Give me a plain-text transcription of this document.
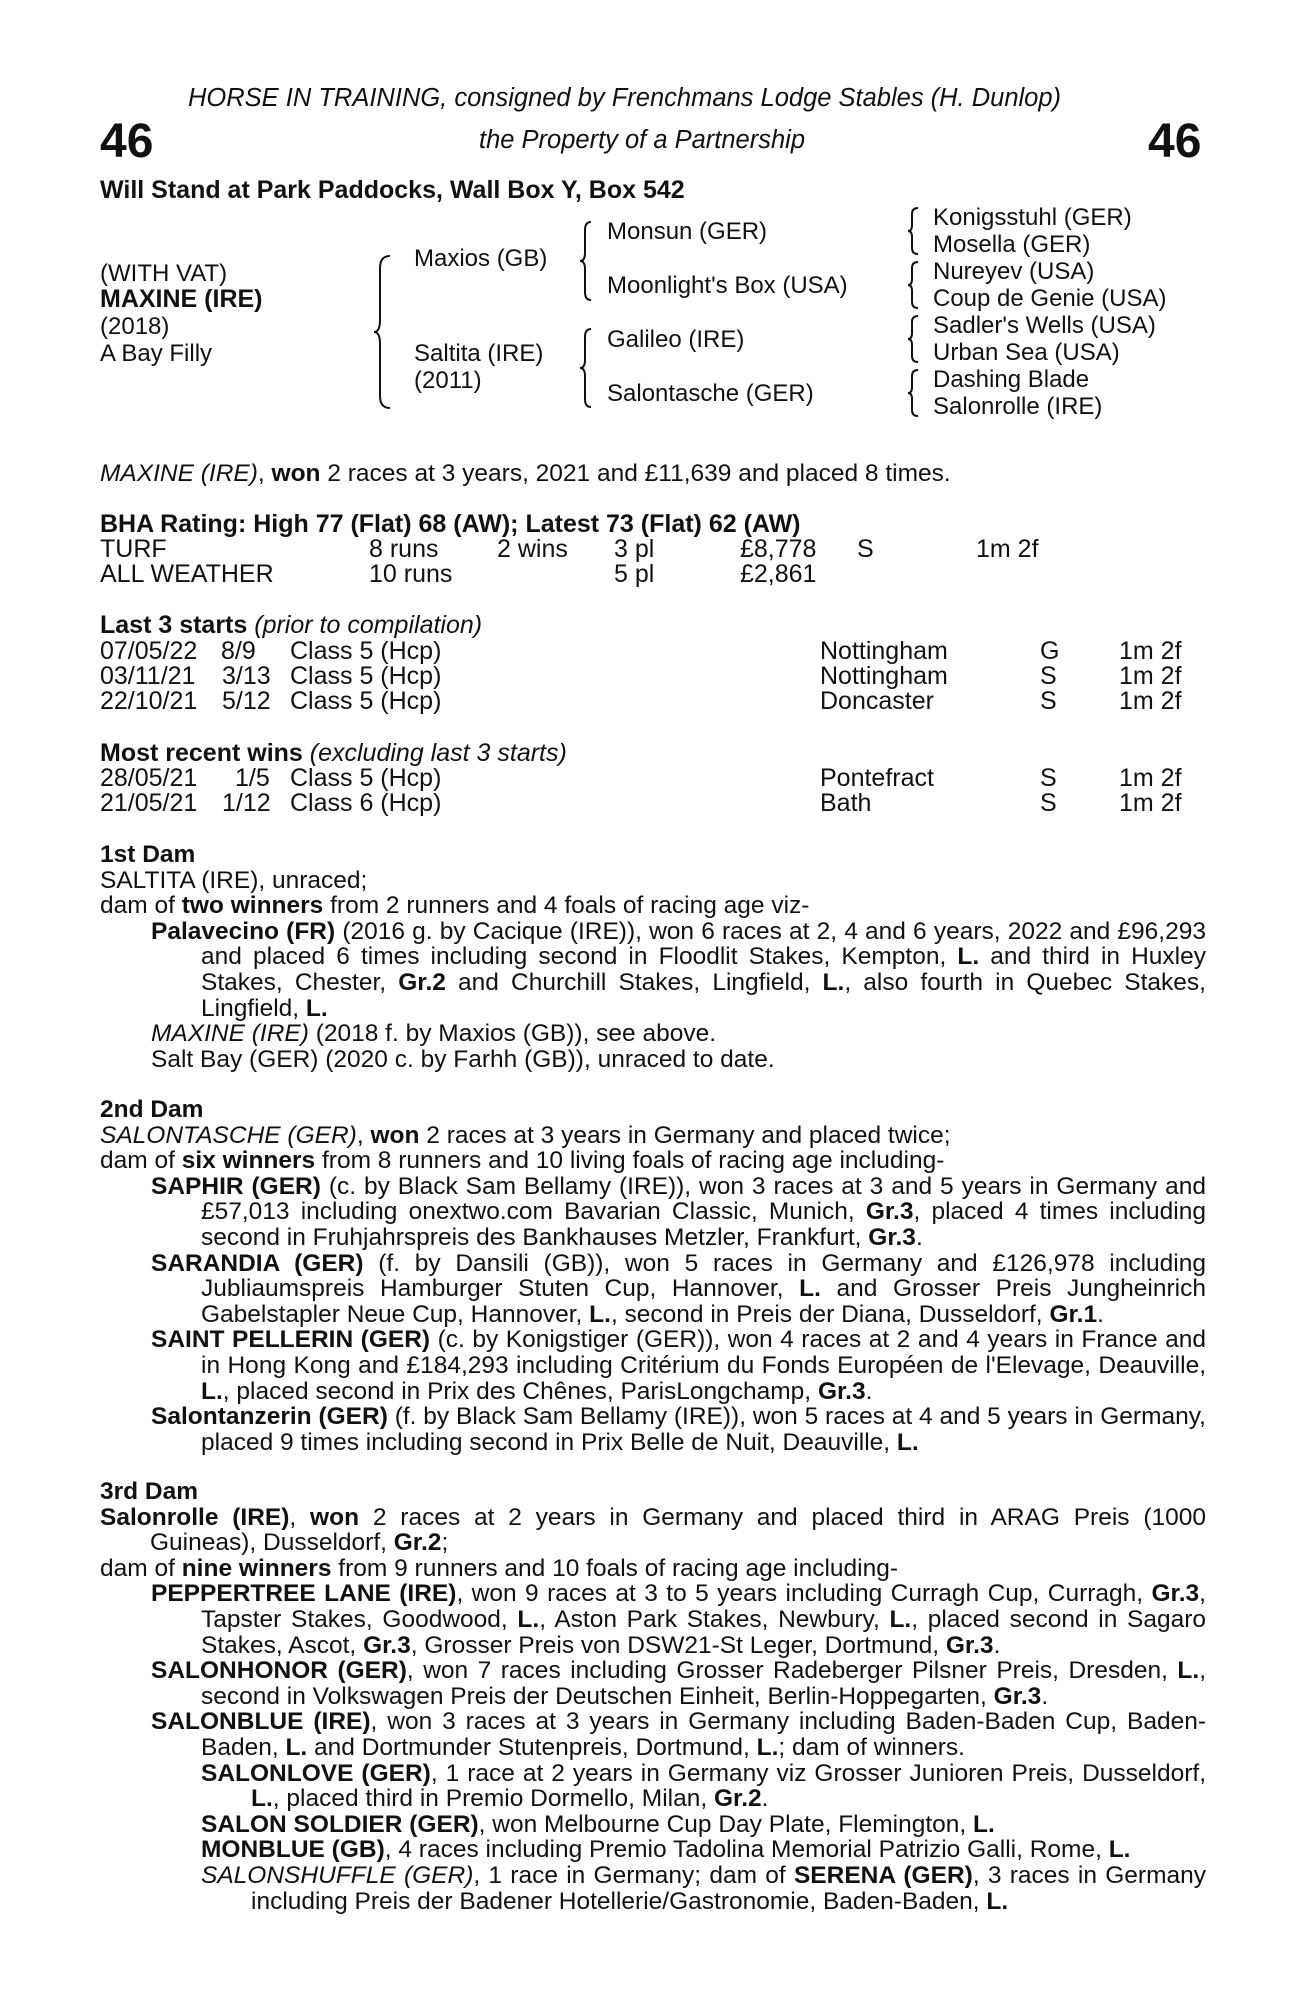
46	46
HORSE IN TRAINING, consigned by Frenchmans Lodge Stables (H. Dunlop)
the Property of a Partnership
Will Stand at Park Paddocks, Wall Box Y, Box 542
(WITH VAT)
MAXINE (IRE)
(2018)
A Bay Filly
Maxios (GB)
Saltita (IRE)
(2011)
Monsun (GER)
Moonlight's Box (USA)
Galileo (IRE)
Salontasche (GER)
Konigsstuhl (GER)
Mosella (GER)
Nureyev (USA)
Coup de Genie (USA)
Sadler's Wells (USA)
Urban Sea (USA)
Dashing Blade
Salonrolle (IRE)
MAXINE (IRE), won 2 races at 3 years, 2021 and £11,639 and placed 8 times.
BHA Rating: High 77 (Flat) 68 (AW); Latest 73 (Flat) 62 (AW)
TURF	8 runs 2 wins 3 pl	£8,778 S	1m 2f
ALL WEATHER	10 runs	5 pl	£2,861
Last 3 starts (prior to compilation)
07/05/22 8/9 Class 5 (Hcp)	Nottingham	G 1m 2f
03/11/21 3/13 Class 5 (Hcp)	Nottingham	S 1m 2f
22/10/21 5/12 Class 5 (Hcp)	Doncaster	S 1m 2f
Most recent wins (excluding last 3 starts)
28/05/21 1/5 Class 5 (Hcp)	Pontefract	S 1m 2f
21/05/21 1/12 Class 6 (Hcp)	Bath	S 1m 2f

1st Dam

SALTITA (IRE), unraced;

dam of two winners from 2 runners and 4 foals of racing age viz-

Palavecino (FR) (2016 g. by Cacique (IRE)), won 6 races at 2, 4 and 6 years, 2022 and £96,293 and placed 6 times including second in Floodlit Stakes, Kempton, L. and third in Huxley Stakes, Chester, Gr.2 and Churchill Stakes, Lingfield, L., also fourth in Quebec Stakes, Lingfield, L.

MAXINE (IRE) (2018 f. by Maxios (GB)), see above.

Salt Bay (GER) (2020 c. by Farhh (GB)), unraced to date.

2nd Dam

SALONTASCHE (GER), won 2 races at 3 years in Germany and placed twice;

dam of six winners from 8 runners and 10 living foals of racing age including-

SAPHIR (GER) (c. by Black Sam Bellamy (IRE)), won 3 races at 3 and 5 years in Germany and £57,013 including onextwo.com Bavarian Classic, Munich, Gr.3, placed 4 times including second in Fruhjahrspreis des Bankhauses Metzler, Frankfurt, Gr.3.

SARANDIA (GER) (f. by Dansili (GB)), won 5 races in Germany and £126,978 including Jubliaumspreis Hamburger Stuten Cup, Hannover, L. and Grosser Preis Jungheinrich Gabelstapler Neue Cup, Hannover, L., second in Preis der Diana, Dusseldorf, Gr.1.

SAINT PELLERIN (GER) (c. by Konigstiger (GER)), won 4 races at 2 and 4 years in France and in Hong Kong and £184,293 including Critérium du Fonds Européen de l'Elevage, Deauville, L., placed second in Prix des Chênes, ParisLongchamp, Gr.3.

Salontanzerin (GER) (f. by Black Sam Bellamy (IRE)), won 5 races at 4 and 5 years in Germany, placed 9 times including second in Prix Belle de Nuit, Deauville, L.

3rd Dam

Salonrolle (IRE), won 2 races at 2 years in Germany and placed third in ARAG Preis (1000 Guineas), Dusseldorf, Gr.2;

dam of nine winners from 9 runners and 10 foals of racing age including-

PEPPERTREE LANE (IRE), won 9 races at 3 to 5 years including Curragh Cup, Curragh, Gr.3, Tapster Stakes, Goodwood, L., Aston Park Stakes, Newbury, L., placed second in Sagaro Stakes, Ascot, Gr.3, Grosser Preis von DSW21-St Leger, Dortmund, Gr.3.

SALONHONOR (GER), won 7 races including Grosser Radeberger Pilsner Preis, Dresden, L., second in Volkswagen Preis der Deutschen Einheit, Berlin-Hoppegarten, Gr.3.

SALONBLUE (IRE), won 3 races at 3 years in Germany including Baden-Baden Cup, Baden-Baden, L. and Dortmunder Stutenpreis, Dortmund, L.; dam of winners.

SALONLOVE (GER), 1 race at 2 years in Germany viz Grosser Junioren Preis, Dusseldorf, L., placed third in Premio Dormello, Milan, Gr.2.

SALON SOLDIER (GER), won Melbourne Cup Day Plate, Flemington, L.

MONBLUE (GB), 4 races including Premio Tadolina Memorial Patrizio Galli, Rome, L.

SALONSHUFFLE (GER), 1 race in Germany; dam of SERENA (GER), 3 races in Germany including Preis der Badener Hotellerie/Gastronomie, Baden-Baden, L.
